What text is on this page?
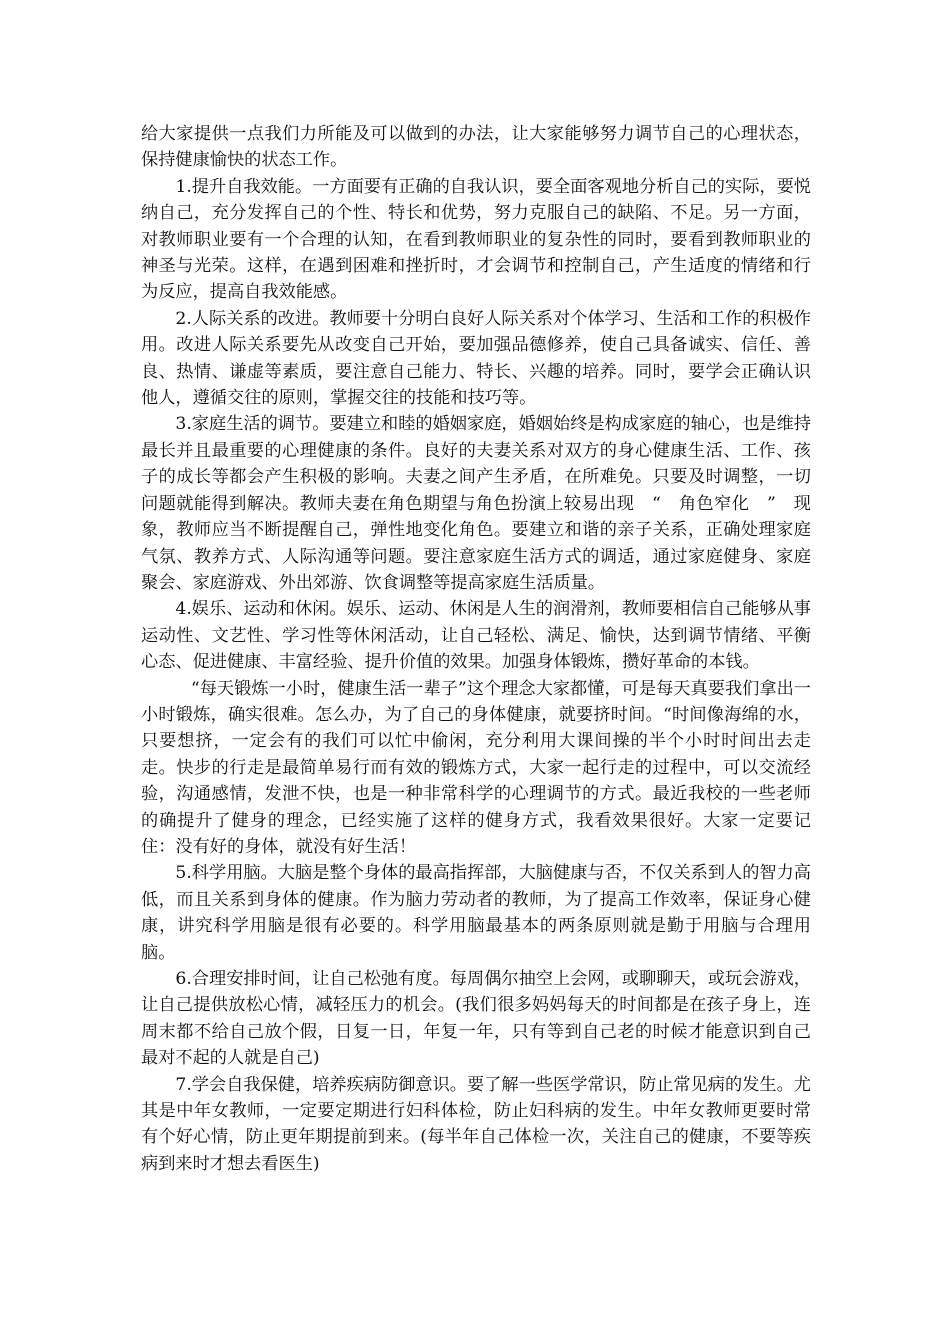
给大家提供一点我们力所能及可以做到的办法，让大家能够努力调节自己的心理状态，保持健康愉快的状态工作。

1.提升自我效能。一方面要有正确的自我认识，要全面客观地分析自己的实际，要悦纳自己，充分发挥自己的个性、特长和优势，努力克服自己的缺陷、不足。另一方面，对教师职业要有一个合理的认知，在看到教师职业的复杂性的同时，要看到教师职业的神圣与光荣。这样，在遇到困难和挫折时，才会调节和控制自己，产生适度的情绪和行为反应，提高自我效能感。

2.人际关系的改进。教师要十分明白良好人际关系对个体学习、生活和工作的积极作用。改进人际关系要先从改变自己开始，要加强品德修养，使自己具备诚实、信任、善良、热情、谦虚等素质，要注意自己能力、特长、兴趣的培养。同时，要学会正确认识他人，遵循交往的原则，掌握交往的技能和技巧等。

3.家庭生活的调节。要建立和睦的婚姻家庭，婚姻始终是构成家庭的轴心，也是维持最长并且最重要的心理健康的条件。良好的夫妻关系对双方的身心健康生活、工作、孩子的成长等都会产生积极的影响。夫妻之间产生矛盾，在所难免。只要及时调整，一切问题就能得到解决。教师夫妻在角色期望与角色扮演上较易出现　“　角色窄化　”　现象，教师应当不断提醒自己，弹性地变化角色。要建立和谐的亲子关系，正确处理家庭气氛、教养方式、人际沟通等问题。要注意家庭生活方式的调适，通过家庭健身、家庭聚会、家庭游戏、外出郊游、饮食调整等提高家庭生活质量。

4.娱乐、运动和休闲。娱乐、运动、休闲是人生的润滑剂，教师要相信自己能够从事运动性、文艺性、学习性等休闲活动，让自己轻松、满足、愉快，达到调节情绪、平衡心态、促进健康、丰富经验、提升价值的效果。加强身体锻炼，攒好革命的本钱。

“每天锻炼一小时，健康生活一辈子”这个理念大家都懂，可是每天真要我们拿出一小时锻炼，确实很难。怎么办，为了自己的身体健康，就要挤时间。“时间像海绵的水，只要想挤，一定会有的我们可以忙中偷闲，充分利用大课间操的半个小时时间出去走走。快步的行走是最简单易行而有效的锻炼方式，大家一起行走的过程中，可以交流经验，沟通感情，发泄不快，也是一种非常科学的心理调节的方式。最近我校的一些老师的确提升了健身的理念，已经实施了这样的健身方式，我看效果很好。大家一定要记住：没有好的身体，就没有好生活！

5.科学用脑。大脑是整个身体的最高指挥部，大脑健康与否，不仅关系到人的智力高低，而且关系到身体的健康。作为脑力劳动者的教师，为了提高工作效率，保证身心健康，讲究科学用脑是很有必要的。科学用脑最基本的两条原则就是勤于用脑与合理用脑。

6.合理安排时间，让自己松弛有度。每周偶尔抽空上会网，或聊聊天，或玩会游戏，让自己提供放松心情，减轻压力的机会。(我们很多妈妈每天的时间都是在孩子身上，连周末都不给自己放个假，日复一日，年复一年，只有等到自己老的时候才能意识到自己最对不起的人就是自己)

7.学会自我保健，培养疾病防御意识。要了解一些医学常识，防止常见病的发生。尤其是中年女教师，一定要定期进行妇科体检，防止妇科病的发生。中年女教师更要时常有个好心情，防止更年期提前到来。(每半年自己体检一次，关注自己的健康，不要等疾病到来时才想去看医生)
